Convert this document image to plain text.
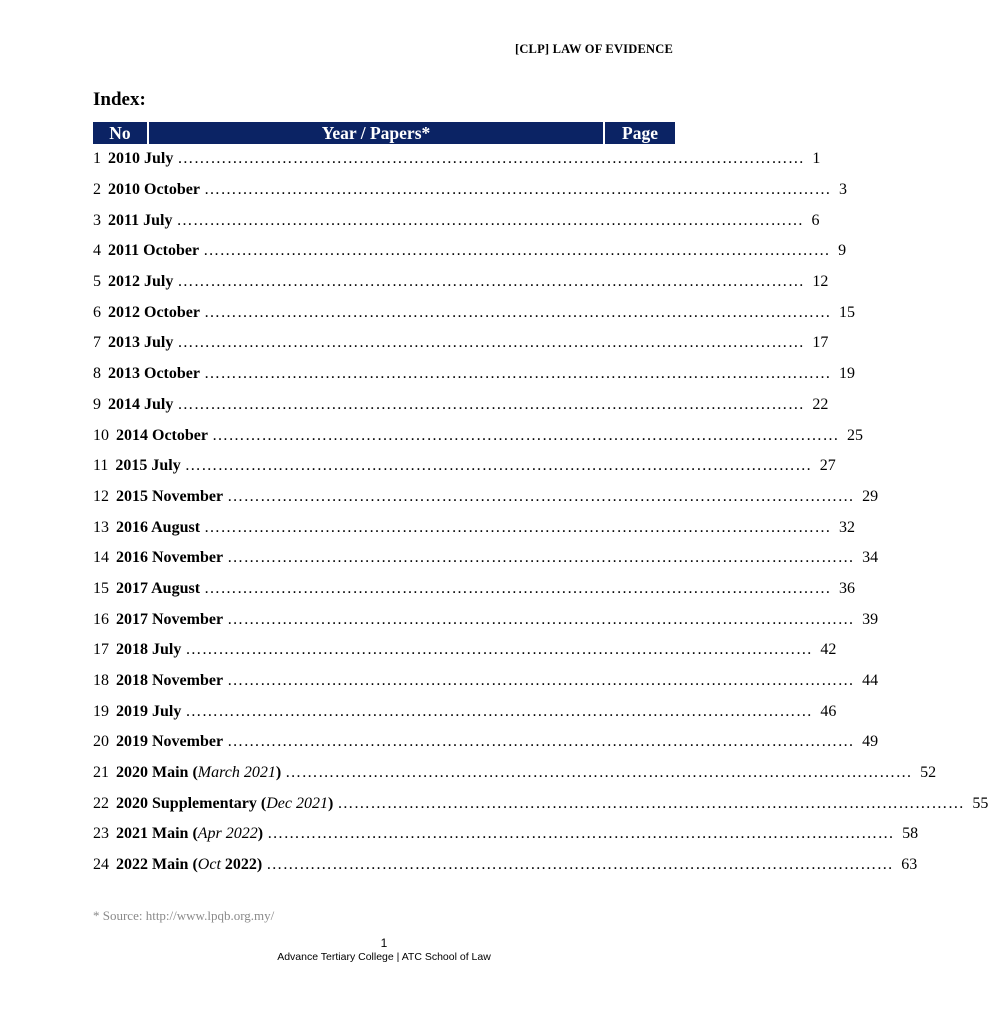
[CLP] LAW OF EVIDENCE
Index:
No	Year / Papers*	Page
1 2010 July …………………………………………………………………………………………………… 1
2 2010 October …………………………………………………………………………………………………… 3
3 2011 July …………………………………………………………………………………………………… 6
4 2011 October …………………………………………………………………………………………………… 9
5 2012 July …………………………………………………………………………………………………… 12
6 2012 October …………………………………………………………………………………………………… 15
7 2013 July …………………………………………………………………………………………………… 17
8 2013 October …………………………………………………………………………………………………… 19
9 2014 July …………………………………………………………………………………………………… 22
10 2014 October …………………………………………………………………………………………………… 25
11 2015 July …………………………………………………………………………………………………… 27
12 2015 November …………………………………………………………………………………………………… 29
13 2016 August …………………………………………………………………………………………………… 32
14 2016 November …………………………………………………………………………………………………… 34
15 2017 August …………………………………………………………………………………………………… 36
16 2017 November …………………………………………………………………………………………………… 39
17 2018 July …………………………………………………………………………………………………… 42
18 2018 November …………………………………………………………………………………………………… 44
19 2019 July …………………………………………………………………………………………………… 46
20 2019 November …………………………………………………………………………………………………… 49
21 2020 Main (March 2021) …………………………………………………………………………………………………… 52
22 2020 Supplementary (Dec 2021) …………………………………………………………………………………………………… 55
23 2021 Main (Apr 2022) …………………………………………………………………………………………………… 58
24 2022 Main (Oct 2022) …………………………………………………………………………………………………… 63
* Source: http://www.lpqb.org.my/
1
Advance Tertiary College | ATC School of Law
